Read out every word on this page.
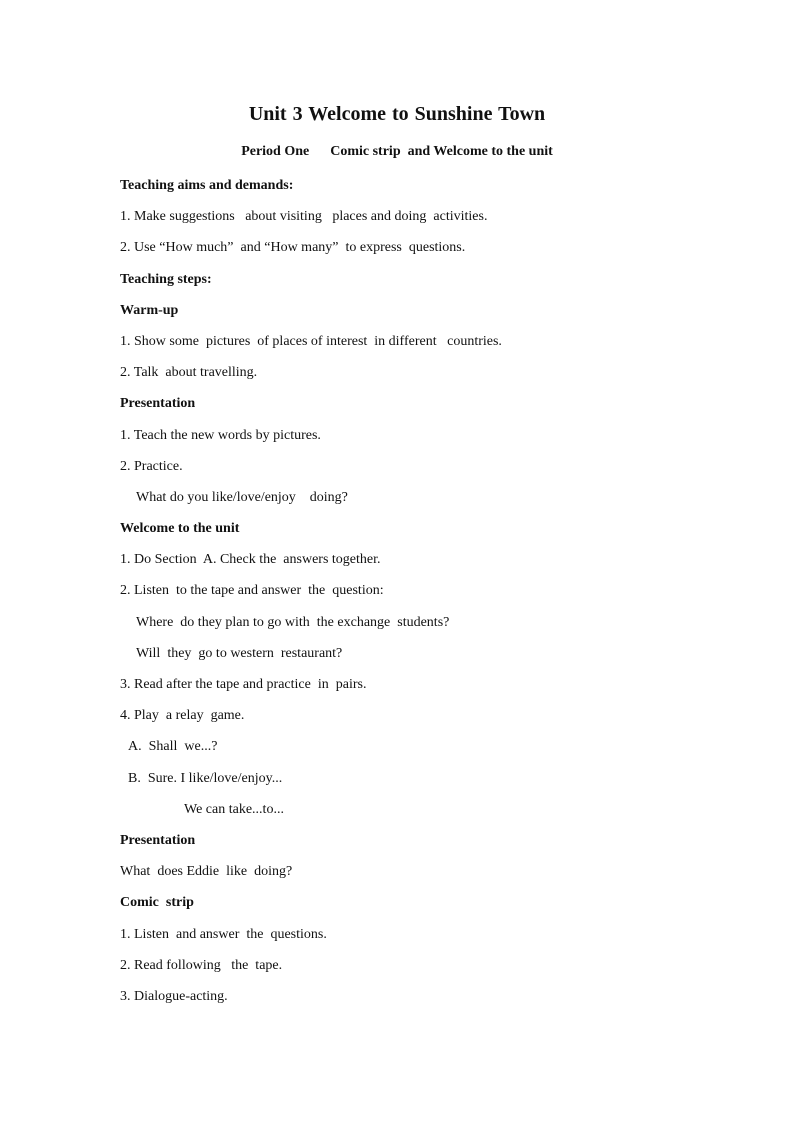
Unit 3 Welcome to Sunshine Town
Period One      Comic strip  and Welcome to the unit
Teaching aims and demands:
1. Make suggestions   about visiting   places and doing  activities.
2. Use “How much”  and “How many”  to express  questions.
Teaching steps:
Warm-up
1. Show some  pictures  of places of interest  in different   countries.
2. Talk  about travelling.
Presentation
1. Teach the new words by pictures.
2. Practice.
What do you like/love/enjoy    doing?
Welcome to the unit
1. Do Section  A. Check the  answers together.
2. Listen  to the tape and answer  the  question:
Where  do they plan to go with  the exchange  students?
Will  they  go to western  restaurant?
3. Read after the tape and practice  in  pairs.
4. Play  a relay  game.
A.  Shall  we...?
B.  Sure. I like/love/enjoy...
We can take...to...
Presentation
What  does Eddie  like  doing?
Comic  strip
1. Listen  and answer  the  questions.
2. Read following   the  tape.
3. Dialogue-acting.
